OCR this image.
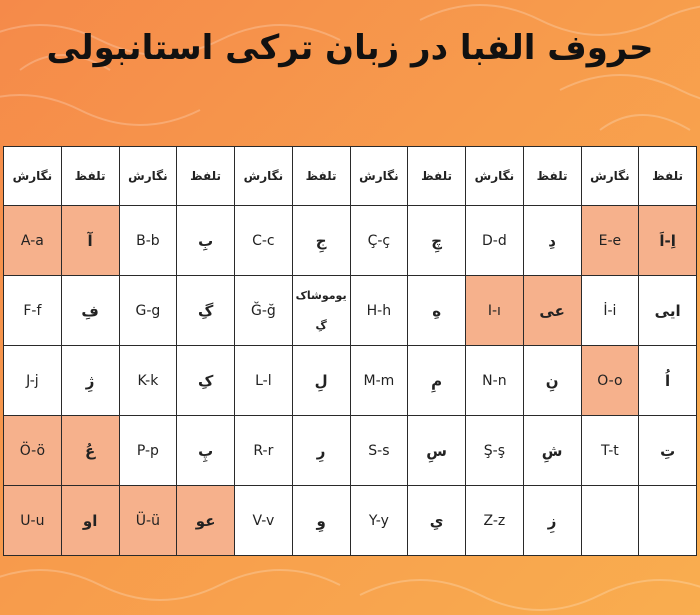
حروف الفبا در زبان ترکی استانبولی
تلفظ	نگارش	تلفظ	نگارش	تلفظ	نگارش	تلفظ	نگارش	تلفظ	نگارش	تلفظ	نگارش
اِ-اَ	E-e	دِ	D-d	چِ	Ç-ç	جِ	C-c	بِ	B-b	آ	A-a
ایی	İ-i	عی	I-ı	هِ	H-h	یوموشاک گِ	Ğ-ğ	گِ	G-g	فِ	F-f
اُ	O-o	نِ	N-n	مِ	M-m	لِ	L-l	کِ	K-k	ژِ	J-j
تِ	T-t	شِ	Ş-ş	سِ	S-s	رِ	R-r	پِ	P-p	عُ	Ö-ö
		زِ	Z-z	یِ	Y-y	وِ	V-v	عو	Ü-ü	او	U-u
